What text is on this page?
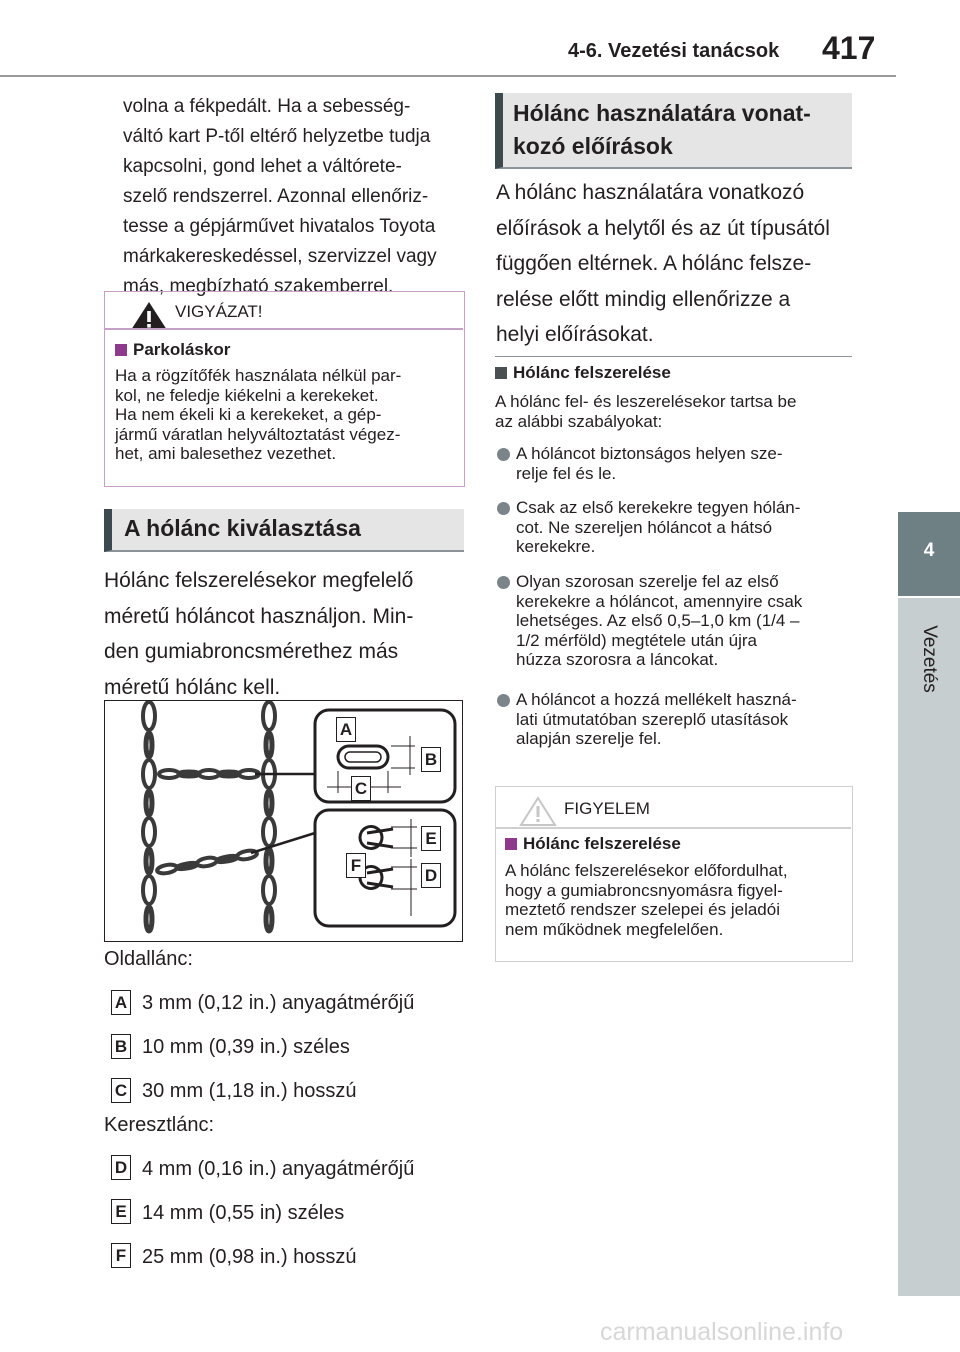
4-6. Vezetési tanácsok 417
4
Vezetés
volna a fékpedált. Ha a sebesség-
váltó kart P-től eltérő helyzetbe tudja
kapcsolni, gond lehet a váltórete-
szelő rendszerrel. Azonnal ellenőriz-
tesse a gépjárművet hivatalos Toyota
márkakereskedéssel, szervizzel vagy
más, megbízható szakemberrel.
VIGYÁZAT!
Parkoláskor
Ha a rögzítőfék használata nélkül par-
kol, ne feledje kiékelni a kerekeket.
Ha nem ékeli ki a kerekeket, a gép-
jármű váratlan helyváltoztatást végez-
het, ami balesethez vezethet.
A hólánc kiválasztása
Hólánc felszerelésekor megfelelő
méretű hóláncot használjon. Min-
den gumiabroncsmérethez más
méretű hólánc kell.
A
B
C
E
F
D
Oldallánc:
A 3 mm (0,12 in.) anyagátmérőjű
B 10 mm (0,39 in.) széles
C 30 mm (1,18 in.) hosszú
Keresztlánc:
D 4 mm (0,16 in.) anyagátmérőjű
E 14 mm (0,55 in) széles
F 25 mm (0,98 in.) hosszú
Hólánc használatára vonat-
kozó előírások
A hólánc használatára vonatkozó
előírások a helytől és az út típusától
függően eltérnek. A hólánc felsze-
relése előtt mindig ellenőrizze a
helyi előírásokat.
Hólánc felszerelése
A hólánc fel- és leszerelésekor tartsa be
az alábbi szabályokat:
A hóláncot biztonságos helyen sze-
relje fel és le.
Csak az első kerekekre tegyen hólán-
cot. Ne szereljen hóláncot a hátsó
kerekekre.
Olyan szorosan szerelje fel az első
kerekekre a hóláncot, amennyire csak
lehetséges. Az első 0,5–1,0 km (1/4 –
1/2 mérföld) megtétele után újra
húzza szorosra a láncokat.
A hóláncot a hozzá mellékelt haszná-
lati útmutatóban szereplő utasítások
alapján szerelje fel.
FIGYELEM
Hólánc felszerelése
A hólánc felszerelésekor előfordulhat,
hogy a gumiabroncsnyomásra figyel-
meztető rendszer szelepei és jeladói
nem működnek megfelelően.
carmanualsonline.info
